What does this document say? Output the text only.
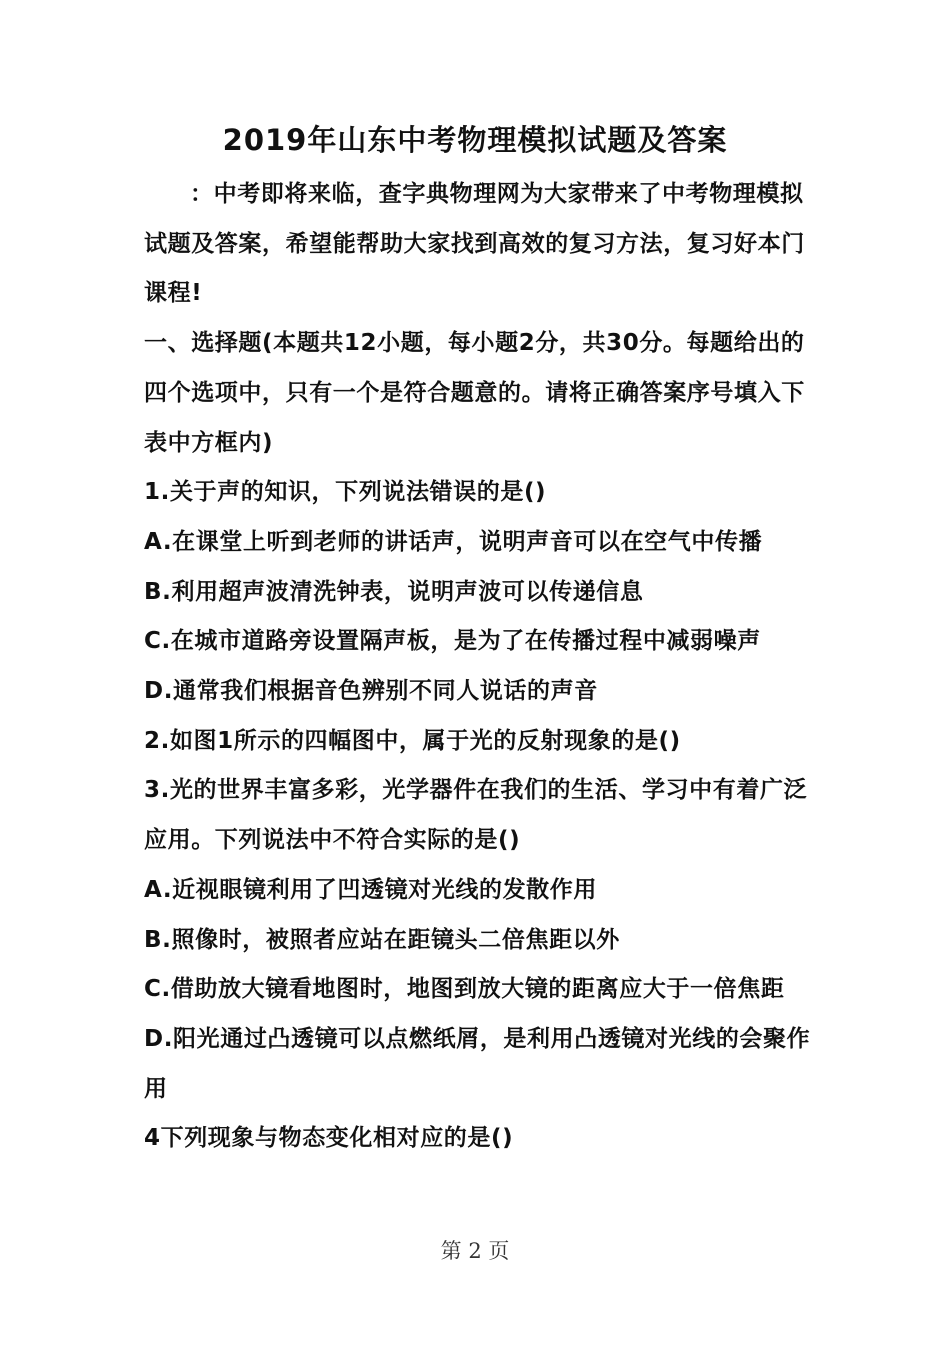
2019年山东中考物理模拟试题及答案

：中考即将来临，查字典物理网为大家带来了中考物理模拟试题及答案，希望能帮助大家找到高效的复习方法，复习好本门课程!

一、选择题(本题共12小题，每小题2分，共30分。每题给出的四个选项中，只有一个是符合题意的。请将正确答案序号填入下表中方框内)

1.关于声的知识，下列说法错误的是()

A.在课堂上听到老师的讲话声，说明声音可以在空气中传播

B.利用超声波清洗钟表，说明声波可以传递信息

C.在城市道路旁设置隔声板，是为了在传播过程中减弱噪声

D.通常我们根据音色辨别不同人说话的声音

2.如图1所示的四幅图中，属于光的反射现象的是()

3.光的世界丰富多彩，光学器件在我们的生活、学习中有着广泛应用。下列说法中不符合实际的是()

A.近视眼镜利用了凹透镜对光线的发散作用

B.照像时，被照者应站在距镜头二倍焦距以外

C.借助放大镜看地图时，地图到放大镜的距离应大于一倍焦距

D.阳光通过凸透镜可以点燃纸屑，是利用凸透镜对光线的会聚作用

4下列现象与物态变化相对应的是()

第 2 页
